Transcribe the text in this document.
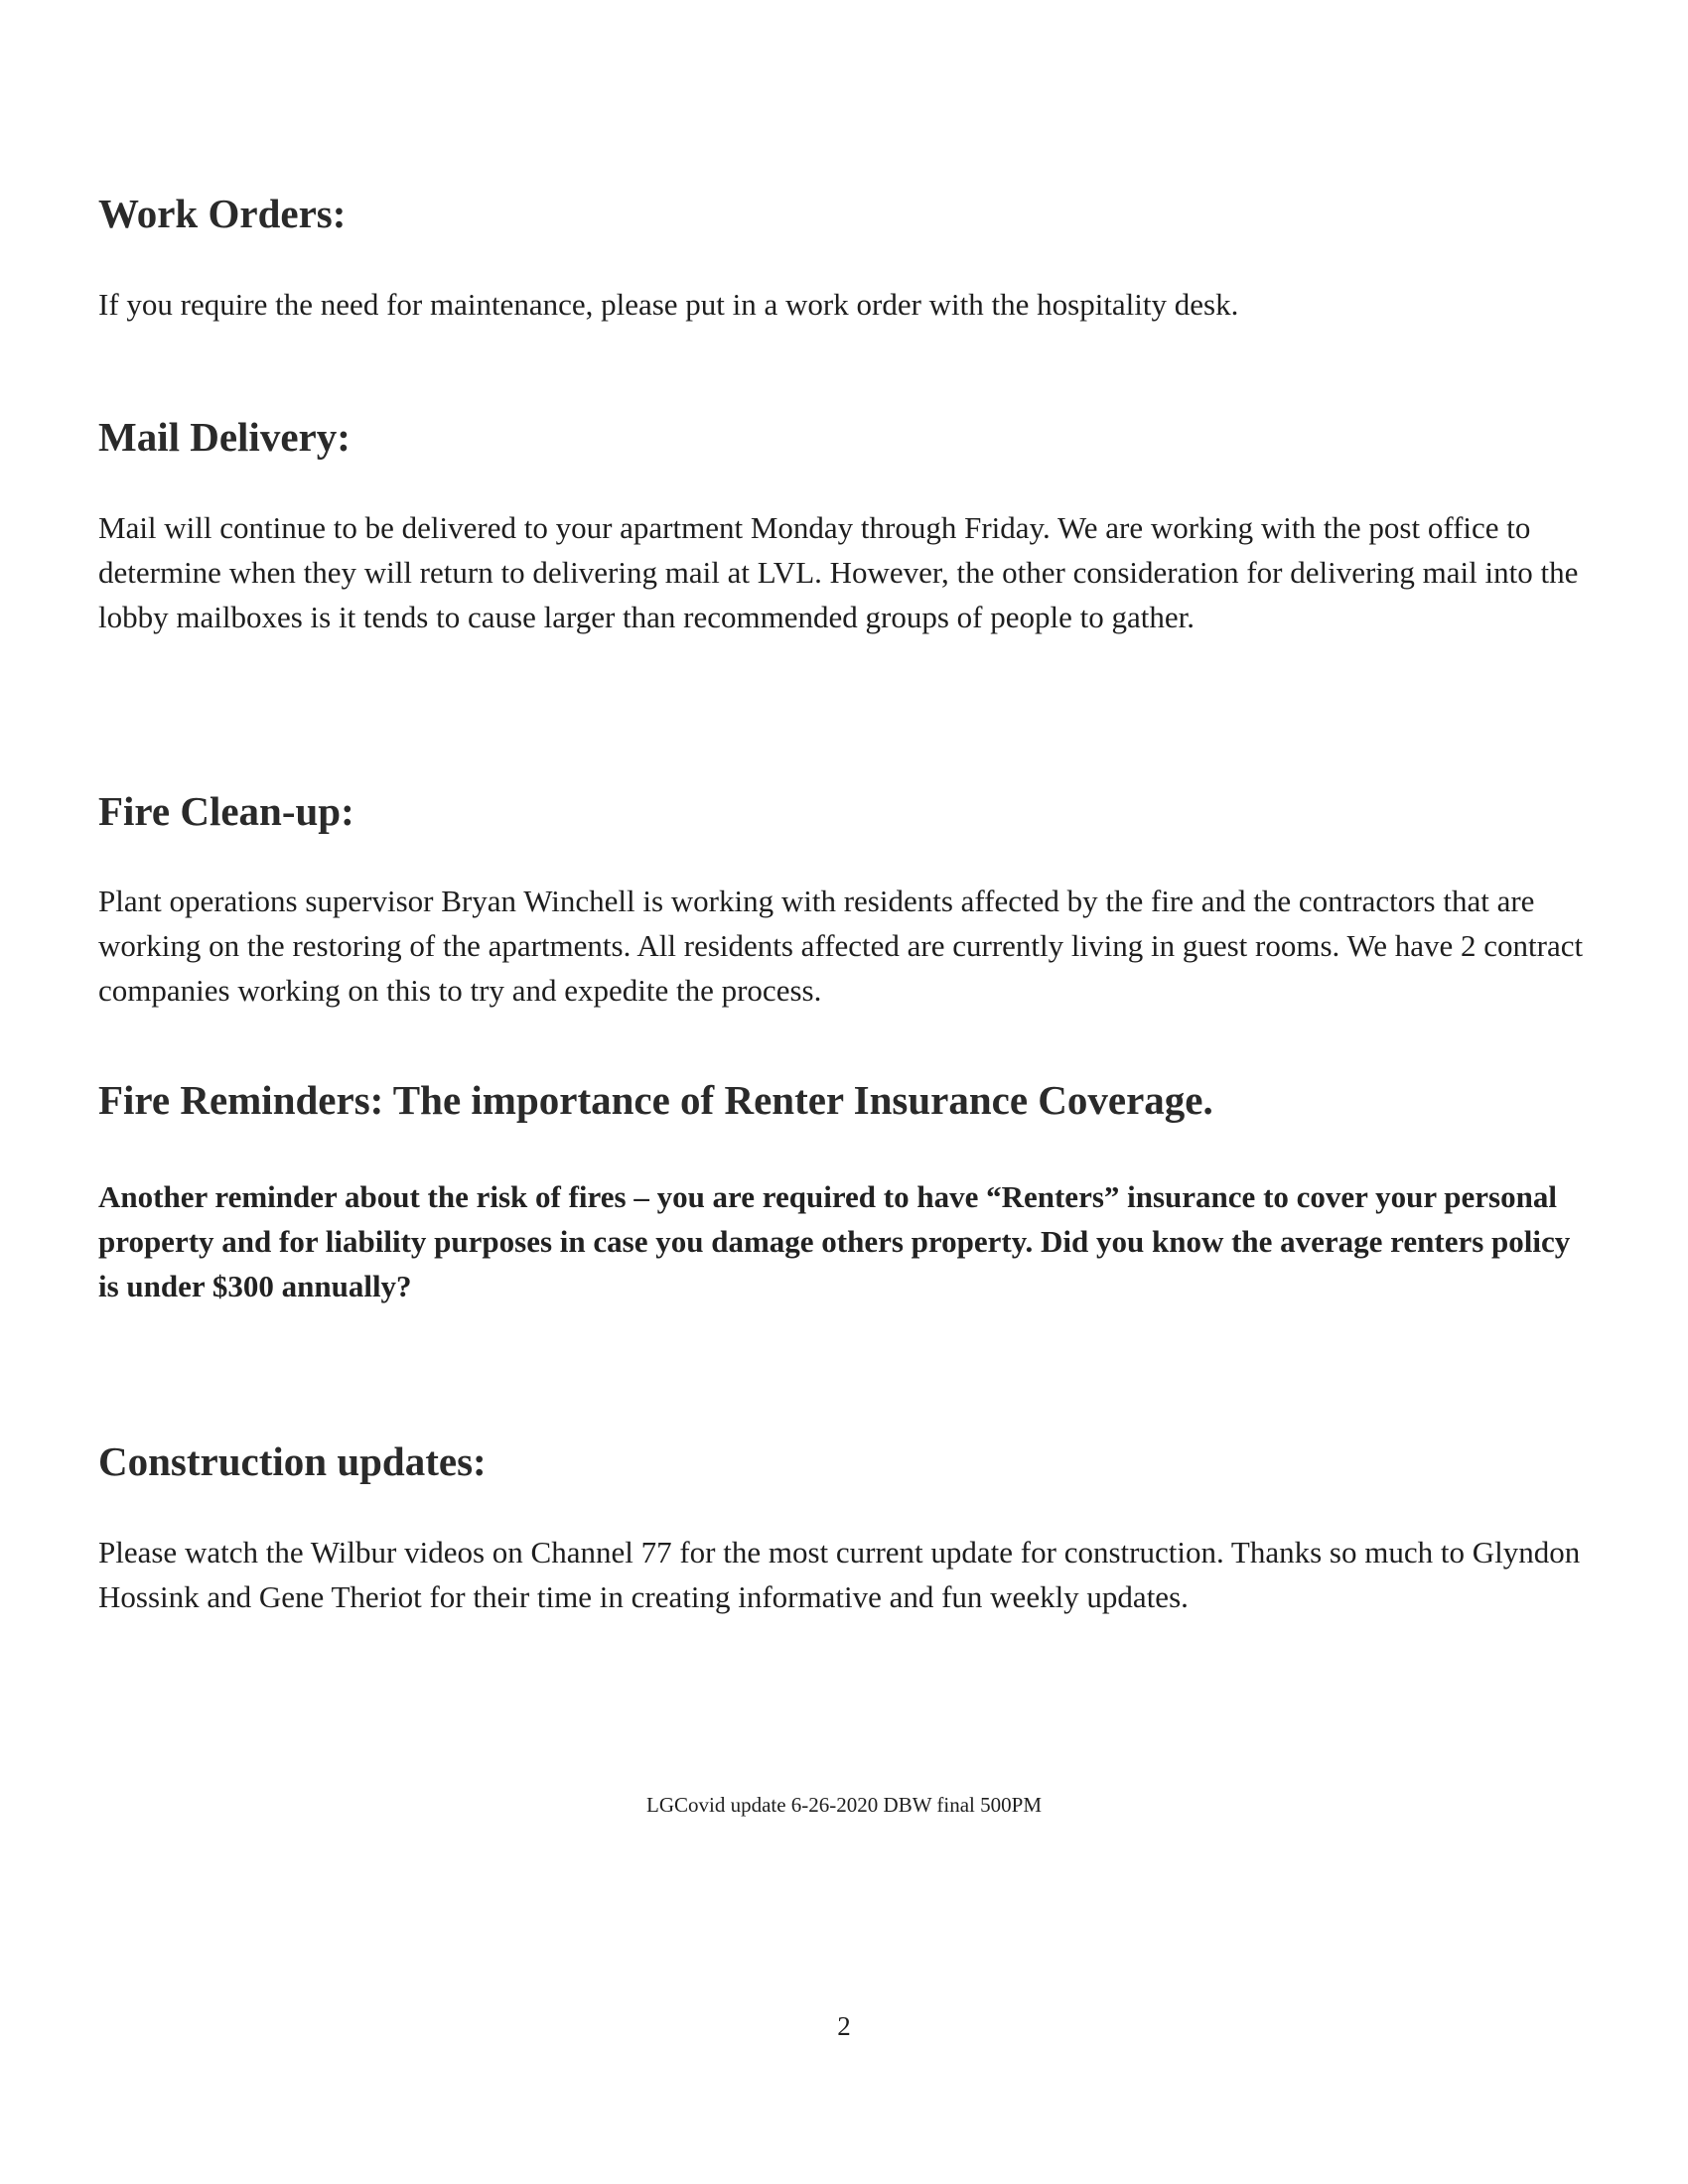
Work Orders:

If you require the need for maintenance, please put in a work order with the hospitality desk.

Mail Delivery:

Mail will continue to be delivered to your apartment Monday through Friday. We are working with the post office to determine when they will return to delivering mail at LVL. However, the other consideration for delivering mail into the lobby mailboxes is it tends to cause larger than recommended groups of people to gather.

Fire Clean-up:

Plant operations supervisor Bryan Winchell is working with residents affected by the fire and the contractors that are working on the restoring of the apartments. All residents affected are currently living in guest rooms. We have 2 contract companies working on this to try and expedite the process.

Fire Reminders: The importance of Renter Insurance Coverage.

Another reminder about the risk of fires – you are required to have “Renters” insurance to cover your personal property and for liability purposes in case you damage others property. Did you know the average renters policy is under $300 annually?

Construction updates:

Please watch the Wilbur videos on Channel 77 for the most current update for construction. Thanks so much to Glyndon Hossink and Gene Theriot for their time in creating informative and fun weekly updates.

LGCovid update 6-26-2020 DBW final 500PM
2
